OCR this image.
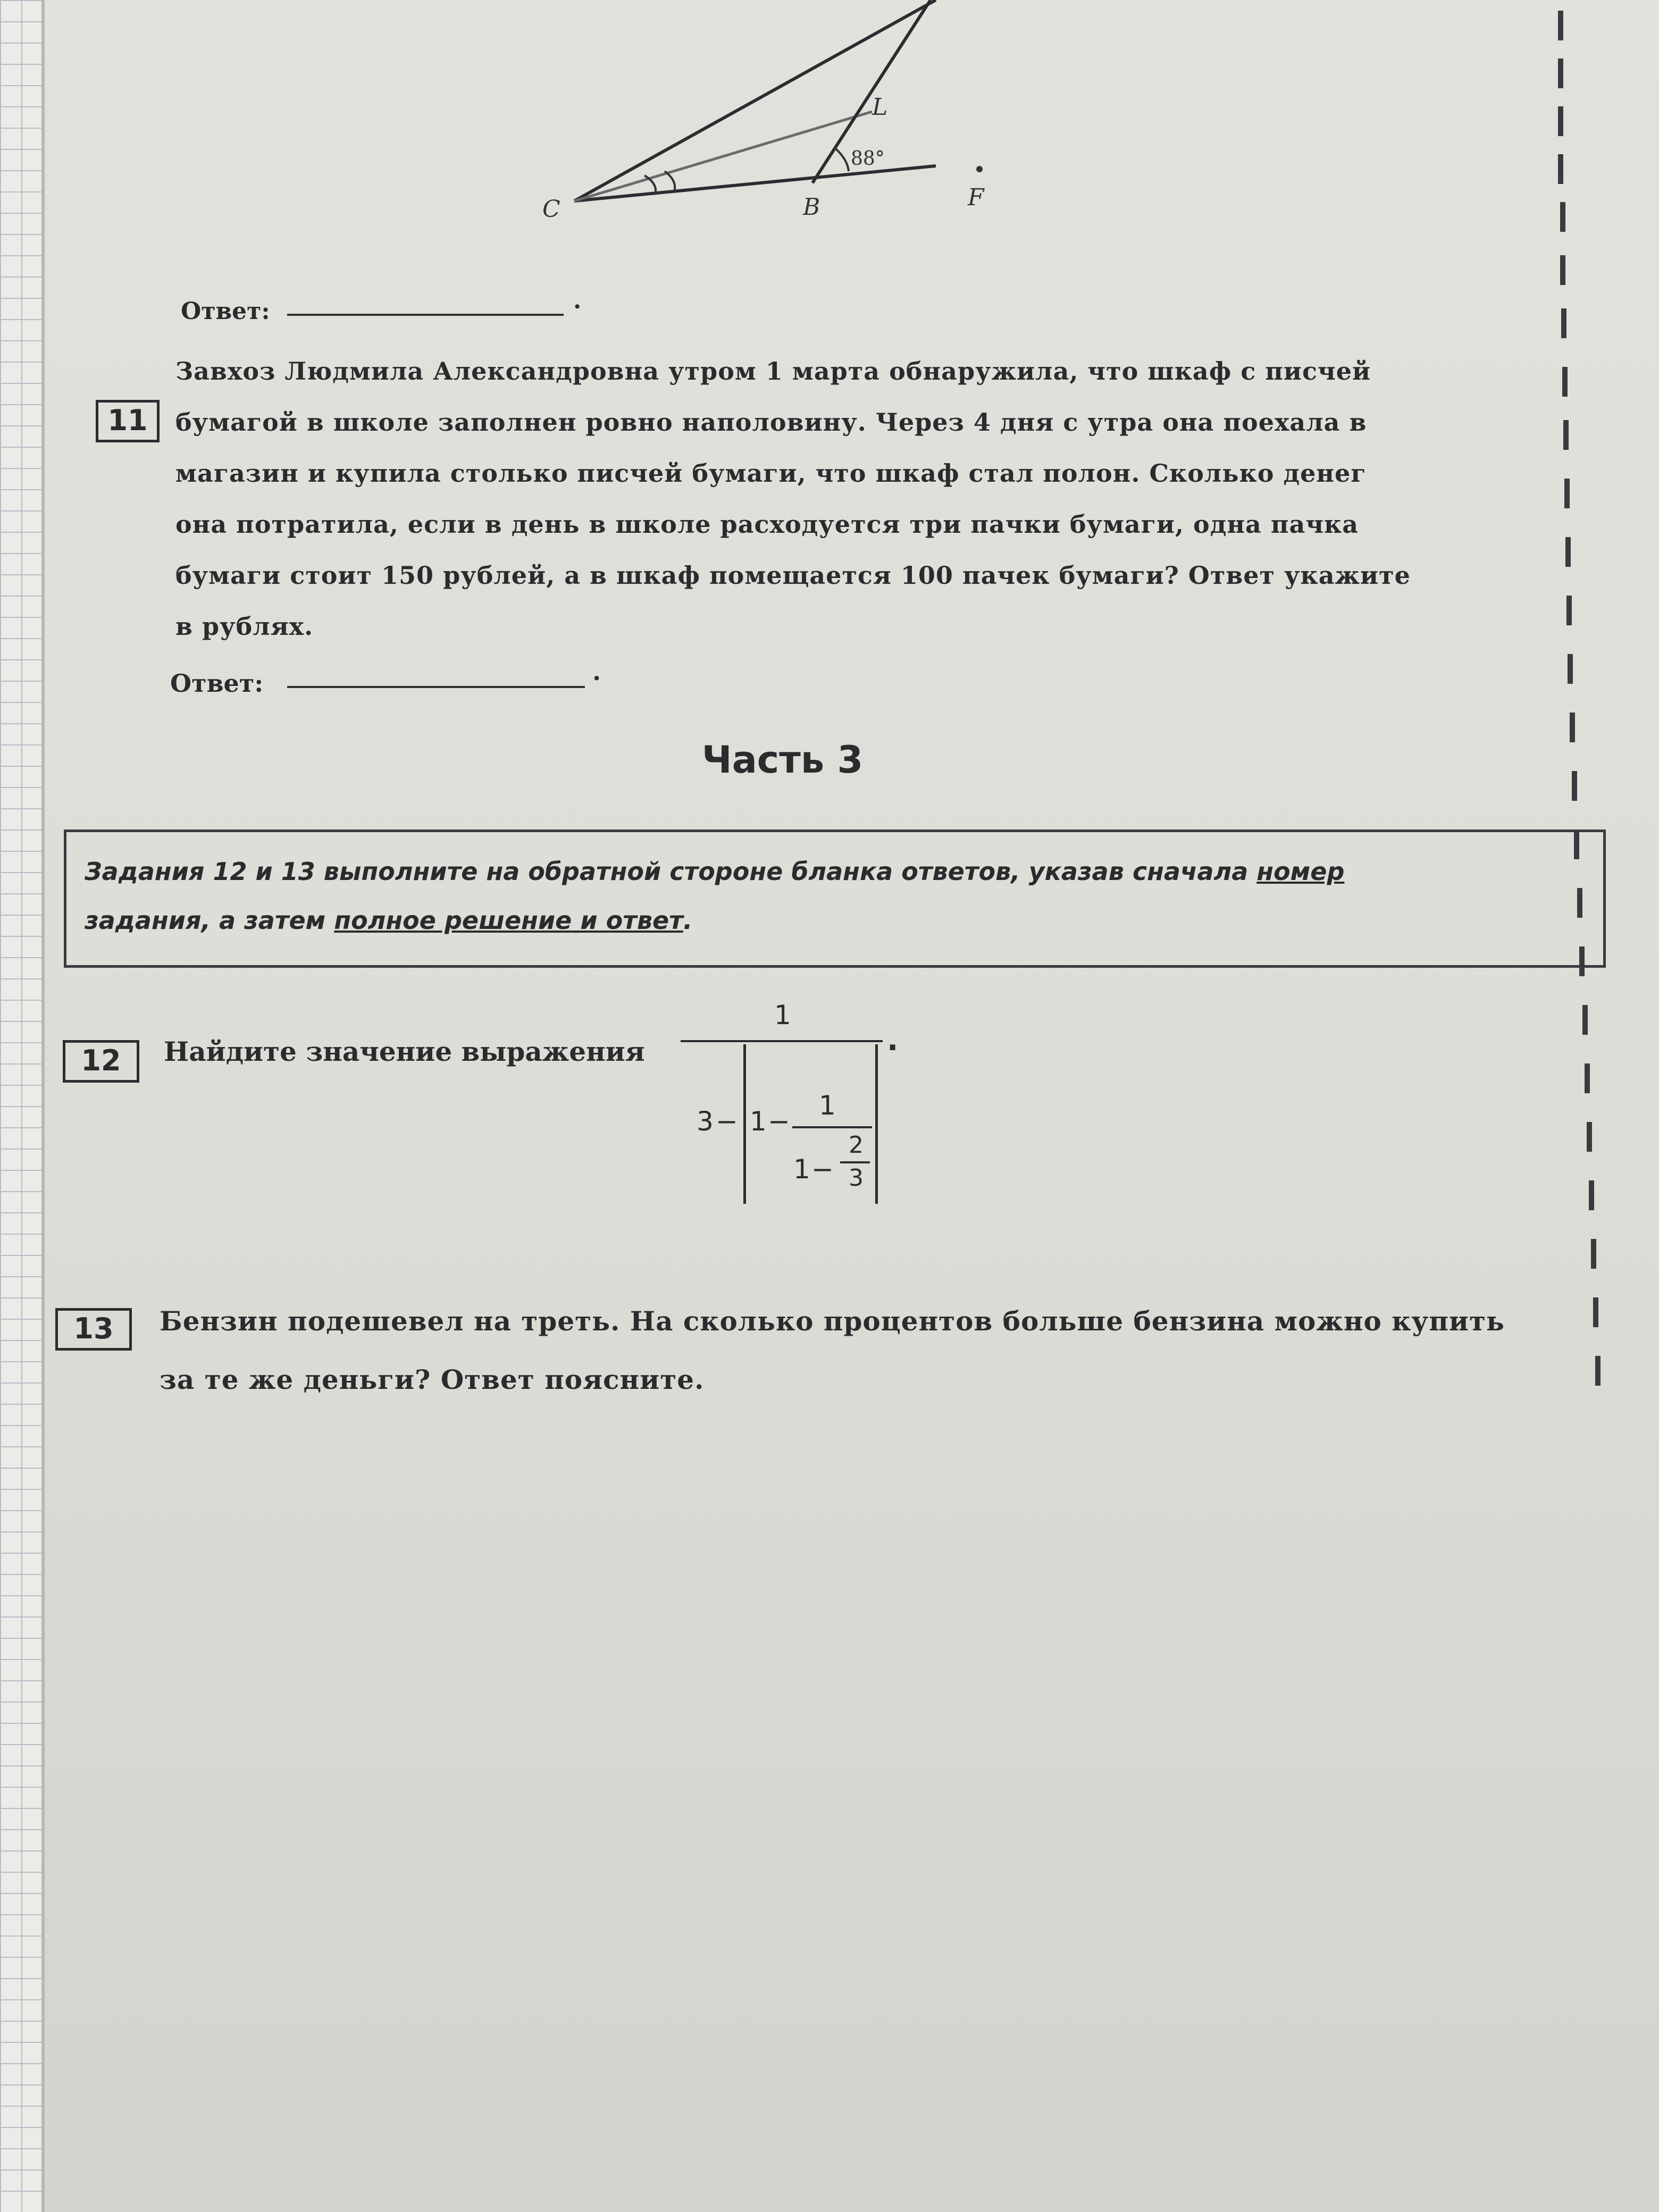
C	B	F
L
88°
Ответ:	.
11
Завхоз Людмила Александровна утром 1 марта обнаружила, что шкаф с писчей
бумагой в школе заполнен ровно наполовину. Через 4 дня с утра она поехала в
магазин и купила столько писчей бумаги, что шкаф стал полон. Сколько денег
она потратила, если в день в школе расходуется три пачки бумаги, одна пачка
бумаги стоит 150 рублей, а в шкаф помещается 100 пачек бумаги? Ответ укажите
в рублях.
Ответ:	.
Часть 3
Задания 12 и 13 выполните на обратной стороне бланка ответов, указав сначала номер
задания, а затем полное решение и ответ.
12	Найдите значение выражения
1
.
3 − 1 −
1
1 −
2
3
13	Бензин подешевел на треть. На сколько процентов больше бензина можно купить
за те же деньги? Ответ поясните.
